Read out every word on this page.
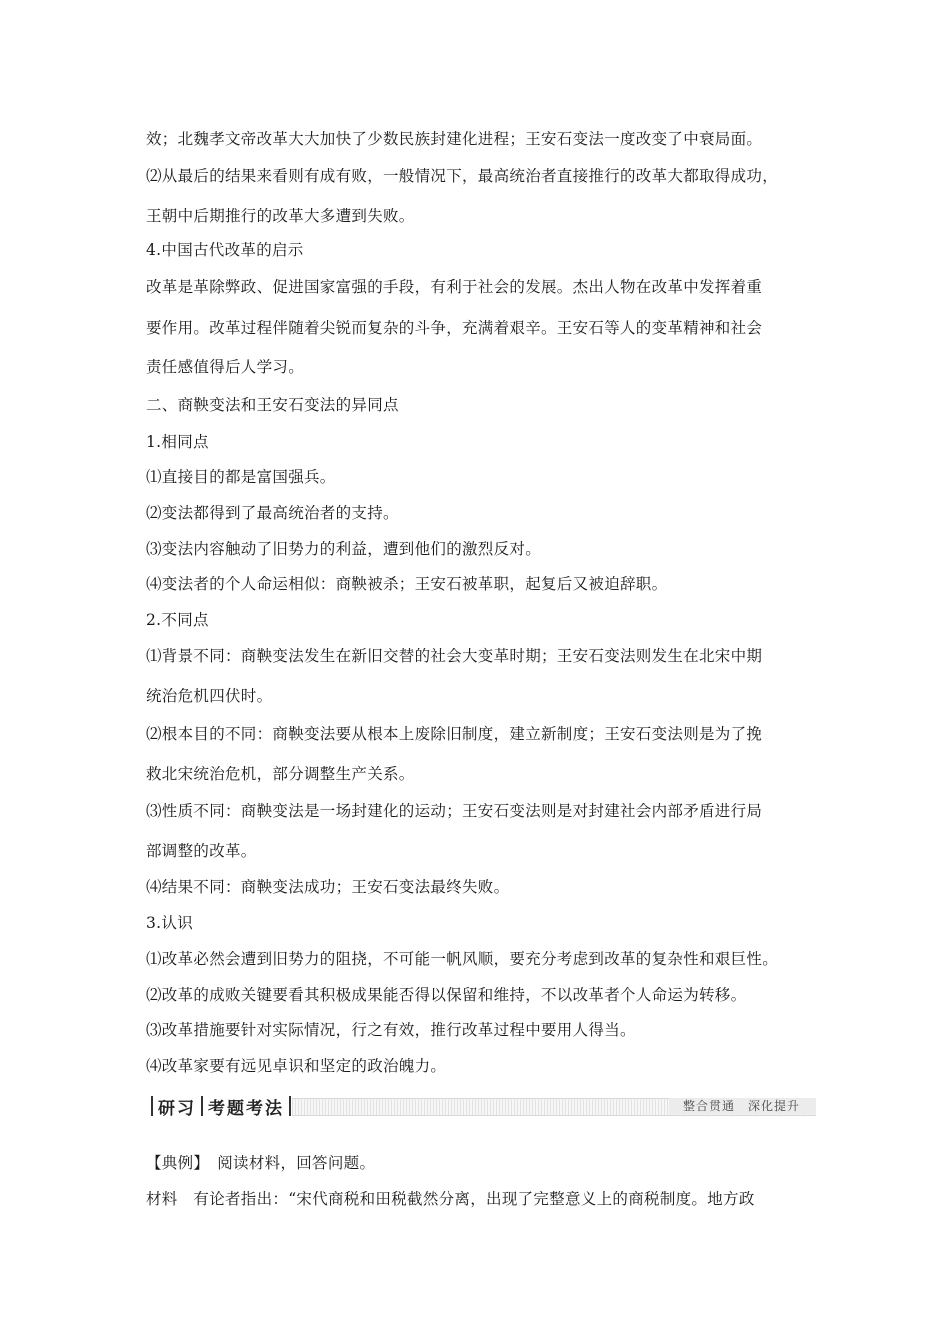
效；北魏孝文帝改革大大加快了少数民族封建化进程；王安石变法一度改变了中衰局面。
⑵从最后的结果来看则有成有败，一般情况下，最高统治者直接推行的改革大都取得成功，
王朝中后期推行的改革大多遭到失败。
4.中国古代改革的启示
改革是革除弊政、促进国家富强的手段，有利于社会的发展。杰出人物在改革中发挥着重
要作用。改革过程伴随着尖锐而复杂的斗争，充满着艰辛。王安石等人的变革精神和社会
责任感值得后人学习。
二、商鞅变法和王安石变法的异同点
1.相同点
⑴直接目的都是富国强兵。
⑵变法都得到了最高统治者的支持。
⑶变法内容触动了旧势力的利益，遭到他们的激烈反对。
⑷变法者的个人命运相似：商鞅被杀；王安石被革职，起复后又被迫辞职。
2.不同点
⑴背景不同：商鞅变法发生在新旧交替的社会大变革时期；王安石变法则发生在北宋中期
统治危机四伏时。
⑵根本目的不同：商鞅变法要从根本上废除旧制度，建立新制度；王安石变法则是为了挽
救北宋统治危机，部分调整生产关系。
⑶性质不同：商鞅变法是一场封建化的运动；王安石变法则是对封建社会内部矛盾进行局
部调整的改革。
⑷结果不同：商鞅变法成功；王安石变法最终失败。
3.认识
⑴改革必然会遭到旧势力的阻挠，不可能一帆风顺，要充分考虑到改革的复杂性和艰巨性。
⑵改革的成败关键要看其积极成果能否得以保留和维持，不以改革者个人命运为转移。
⑶改革措施要针对实际情况，行之有效，推行改革过程中要用人得当。
⑷改革家要有远见卓识和坚定的政治魄力。
研习 考题考法	整合贯通　深化提升
【典例】　阅读材料，回答问题。
材料　有论者指出：“宋代商税和田税截然分离，出现了完整意义上的商税制度。地方政
